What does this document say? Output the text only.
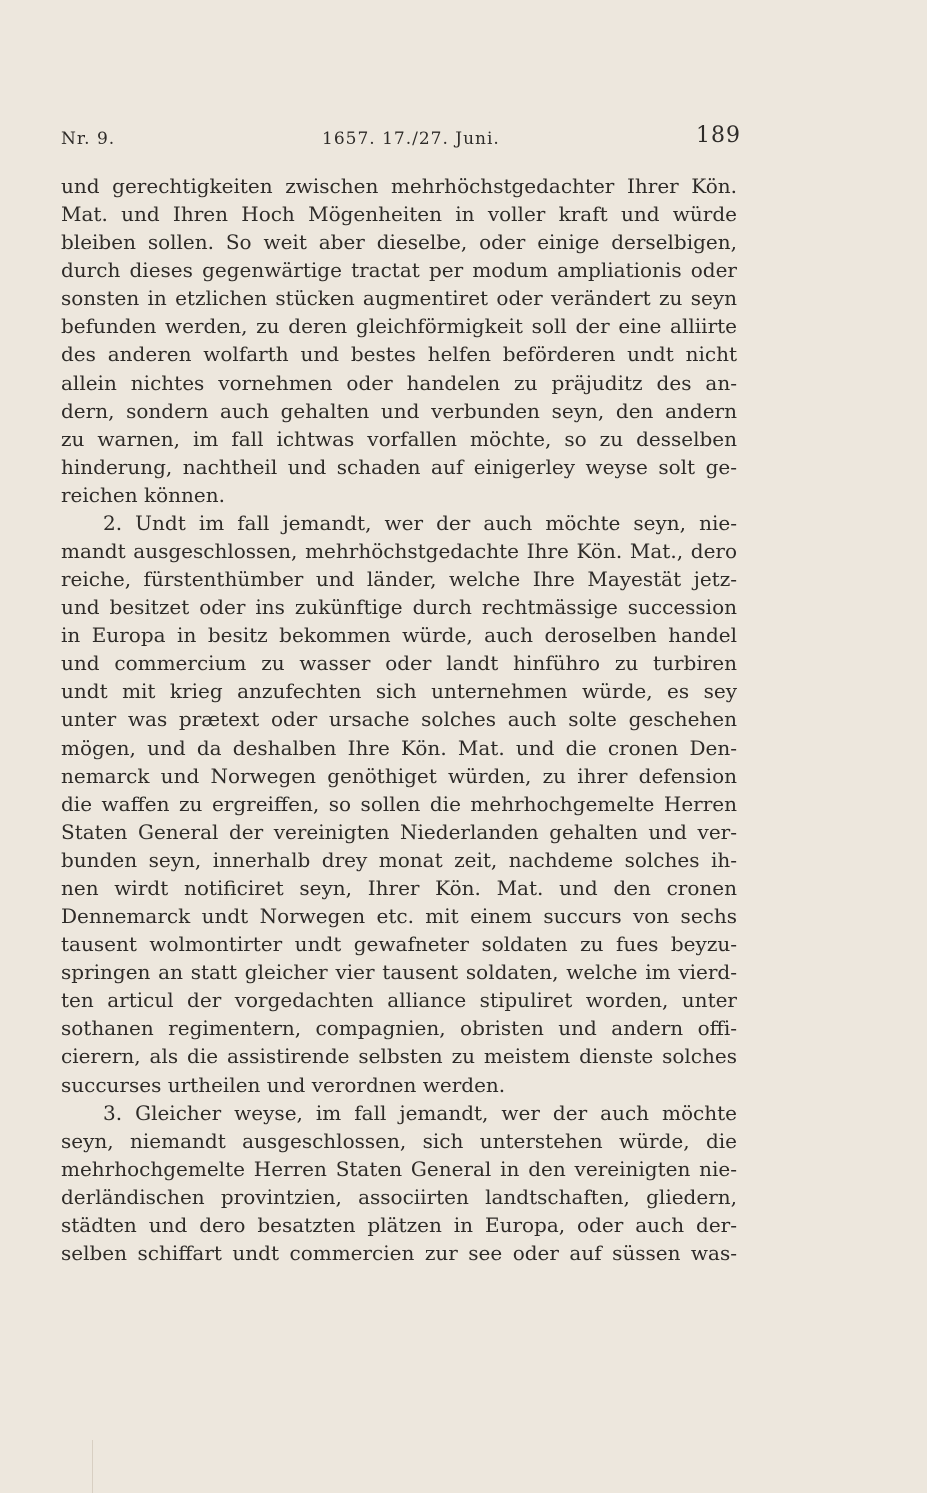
Nr. 9.	1657. 17./27. Juni.	189
und gerechtigkeiten zwischen mehrhöchstgedachter Ihrer Kön.
Mat. und Ihren Hoch Mögenheiten in voller kraft und würde
bleiben sollen. So weit aber dieselbe, oder einige derselbigen,
durch dieses gegenwärtige tractat per modum ampliationis oder
sonsten in etzlichen stücken augmentiret oder verändert zu seyn
befunden werden, zu deren gleichförmigkeit soll der eine alliirte
des anderen wolfarth und bestes helfen beförderen undt nicht
allein nichtes vornehmen oder handelen zu präjuditz des an-
dern, sondern auch gehalten und verbunden seyn, den andern
zu warnen, im fall ichtwas vorfallen möchte, so zu desselben
hinderung, nachtheil und schaden auf einigerley weyse solt ge-
reichen können.
2. Undt im fall jemandt, wer der auch möchte seyn, nie-
mandt ausgeschlossen, mehrhöchstgedachte Ihre Kön. Mat., dero
reiche, fürstenthümber und länder, welche Ihre Mayestät jetz-
und besitzet oder ins zukünftige durch rechtmässige succession
in Europa in besitz bekommen würde, auch deroselben handel
und commercium zu wasser oder landt hinführo zu turbiren
undt mit krieg anzufechten sich unternehmen würde, es sey
unter was prætext oder ursache solches auch solte geschehen
mögen, und da deshalben Ihre Kön. Mat. und die cronen Den-
nemarck und Norwegen genöthiget würden, zu ihrer defension
die waffen zu ergreiffen, so sollen die mehrhochgemelte Herren
Staten General der vereinigten Niederlanden gehalten und ver-
bunden seyn, innerhalb drey monat zeit, nachdeme solches ih-
nen wirdt notificiret seyn, Ihrer Kön. Mat. und den cronen
Dennemarck undt Norwegen etc. mit einem succurs von sechs
tausent wolmontirter undt gewafneter soldaten zu fues beyzu-
springen an statt gleicher vier tausent soldaten, welche im vierd-
ten articul der vorgedachten alliance stipuliret worden, unter
sothanen regimentern, compagnien, obristen und andern offi-
cierern, als die assistirende selbsten zu meistem dienste solches
succurses urtheilen und verordnen werden.
3. Gleicher weyse, im fall jemandt, wer der auch möchte
seyn, niemandt ausgeschlossen, sich unterstehen würde, die
mehrhochgemelte Herren Staten General in den vereinigten nie-
derländischen provintzien, associirten landtschaften, gliedern,
städten und dero besatzten plätzen in Europa, oder auch der-
selben schiffart undt commercien zur see oder auf süssen was-
